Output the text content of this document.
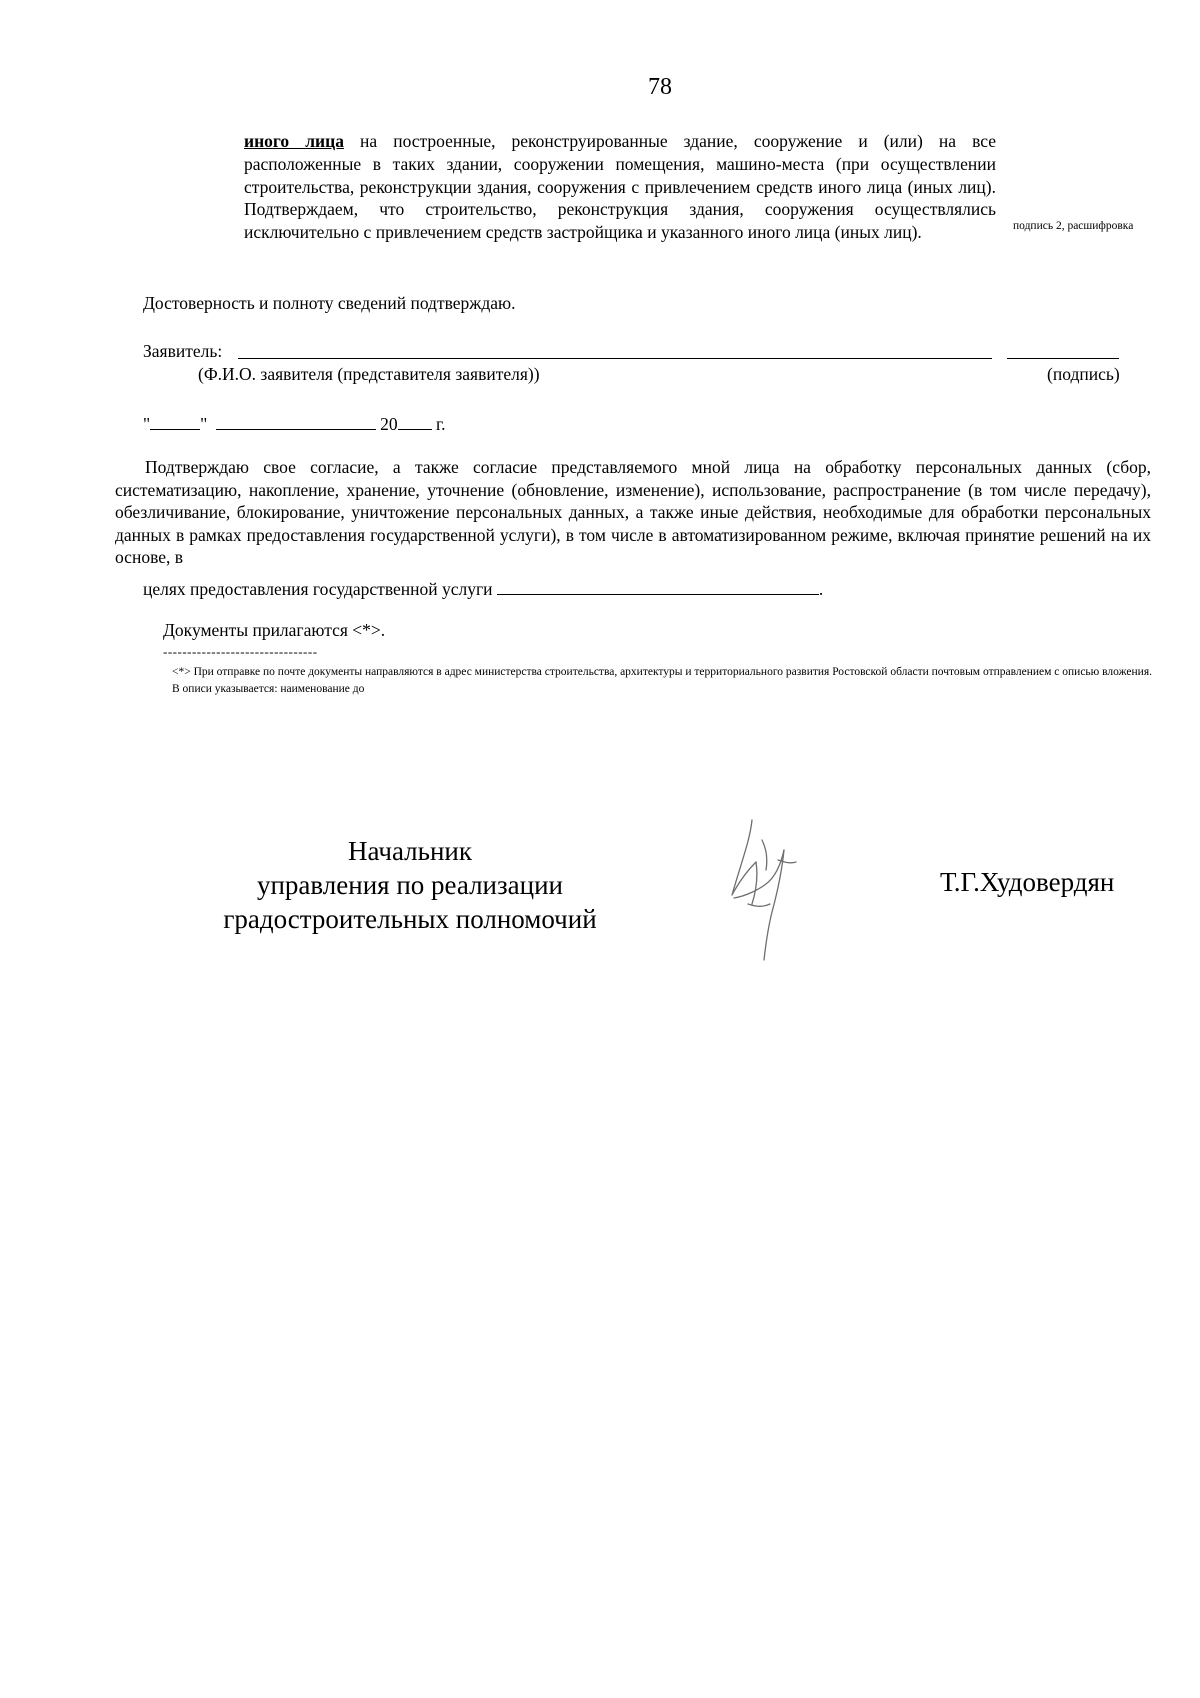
78
иного лица на построенные, реконструированные здание, сооружение и (или) на все расположенные в таких здании, сооружении помещения, машино-места (при осуществлении строительства, реконструкции здания, сооружения с привлечением средств иного лица (иных лиц). Подтверждаем, что строительство, реконструкция здания, сооружения осуществлялись исключительно с привлечением средств застройщика и указанного иного лица (иных лиц).	подпись 2, расшифровка
Достоверность и полноту сведений подтверждаю.
Заявитель:
(Ф.И.О. заявителя (представителя заявителя))	(подпись)
"	"	20 г.
Подтверждаю свое согласие, а также согласие представляемого мной лица на обработку персональных данных (сбор, систематизацию, накопление, хранение, уточнение (обновление, изменение), использование, распространение (в том числе передачу), обезличивание, блокирование, уничтожение персональных данных, а также иные действия, необходимые для обработки персональных данных в рамках предоставления государственной услуги), в том числе в автоматизированном режиме, включая принятие решений на их основе, в
целях предоставления государственной услуги	.
Документы прилагаются <*>.
--------------------------------
<*> При отправке по почте документы направляются в адрес министерства строительства, архитектуры и территориального развития Ростовской области почтовым отправлением с описью вложения. В описи указывается: наименование до
Начальник
управления по реализации
градостроительных полномочий
Т.Г.Худовердян
